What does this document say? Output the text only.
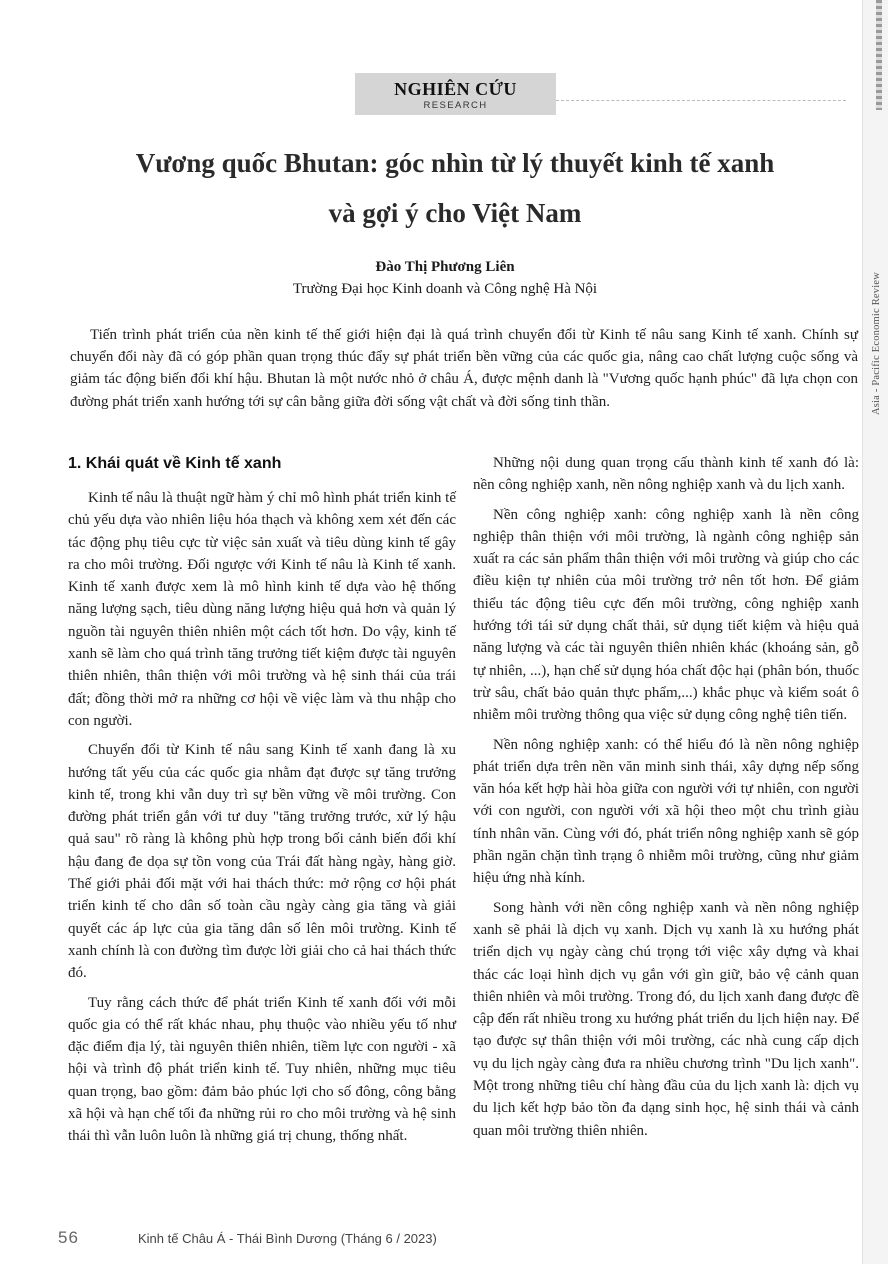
Asia - Pacific Economic Review
NGHIÊN CỨU
RESEARCH
Vương quốc Bhutan: góc nhìn từ lý thuyết kinh tế xanh
và gợi ý cho Việt Nam
Đào Thị Phương Liên
Trường Đại học Kinh doanh và Công nghệ Hà Nội
Tiến trình phát triển của nền kinh tế thế giới hiện đại là quá trình chuyển đổi từ Kinh tế nâu sang Kinh tế xanh. Chính sự chuyển đổi này đã có góp phần quan trọng thúc đẩy sự phát triển bền vững của các quốc gia, nâng cao chất lượng cuộc sống và giảm tác động biến đổi khí hậu. Bhutan là một nước nhỏ ở châu Á, được mệnh danh là "Vương quốc hạnh phúc" đã lựa chọn con đường phát triển xanh hướng tới sự cân bằng giữa đời sống vật chất và đời sống tinh thần.
1. Khái quát về Kinh tế xanh

Kinh tế nâu là thuật ngữ hàm ý chỉ mô hình phát triển kinh tế chủ yếu dựa vào nhiên liệu hóa thạch và không xem xét đến các tác động phụ tiêu cực từ việc sản xuất và tiêu dùng kinh tế gây ra cho môi trường. Đối ngược với Kinh tế nâu là Kinh tế xanh. Kinh tế xanh được xem là mô hình kinh tế dựa vào hệ thống năng lượng sạch, tiêu dùng năng lượng hiệu quả hơn và quản lý nguồn tài nguyên thiên nhiên một cách tốt hơn. Do vậy, kinh tế xanh sẽ làm cho quá trình tăng trưởng tiết kiệm được tài nguyên thiên nhiên, thân thiện với môi trường và hệ sinh thái của trái đất; đồng thời mở ra những cơ hội về việc làm và thu nhập cho con người.

Chuyển đổi từ Kinh tế nâu sang Kinh tế xanh đang là xu hướng tất yếu của các quốc gia nhằm đạt được sự tăng trưởng kinh tế, trong khi vẫn duy trì sự bền vững về môi trường. Con đường phát triển gắn với tư duy "tăng trưởng trước, xử lý hậu quả sau" rõ ràng là không phù hợp trong bối cảnh biến đổi khí hậu đang đe dọa sự tồn vong của Trái đất hàng ngày, hàng giờ. Thế giới phải đối mặt với hai thách thức: mở rộng cơ hội phát triển kinh tế cho dân số toàn cầu ngày càng gia tăng và giải quyết các áp lực của gia tăng dân số lên môi trường. Kinh tế xanh chính là con đường tìm được lời giải cho cả hai thách thức đó.

Tuy rằng cách thức để phát triển Kinh tế xanh đối với mỗi quốc gia có thể rất khác nhau, phụ thuộc vào nhiều yếu tố như đặc điểm địa lý, tài nguyên thiên nhiên, tiềm lực con người - xã hội và trình độ phát triển kinh tế. Tuy nhiên, những mục tiêu quan trọng, bao gồm: đảm bảo phúc lợi cho số đông, công bằng xã hội và hạn chế tối đa những rủi ro cho môi trường và hệ sinh thái thì vẫn luôn luôn là những giá trị chung, thống nhất.

Những nội dung quan trọng cấu thành kinh tế xanh đó là: nền công nghiệp xanh, nền nông nghiệp xanh và du lịch xanh.

Nền công nghiệp xanh: công nghiệp xanh là nền công nghiệp thân thiện với môi trường, là ngành công nghiệp sản xuất ra các sản phẩm thân thiện với môi trường và giúp cho các điều kiện tự nhiên của môi trường trở nên tốt hơn. Để giảm thiểu tác động tiêu cực đến môi trường, công nghiệp xanh hướng tới tái sử dụng chất thải, sử dụng tiết kiệm và hiệu quả năng lượng và các tài nguyên thiên nhiên khác (khoáng sản, gỗ tự nhiên, ...), hạn chế sử dụng hóa chất độc hại (phân bón, thuốc trừ sâu, chất bảo quản thực phẩm,...) khắc phục và kiểm soát ô nhiễm môi trường thông qua việc sử dụng công nghệ tiên tiến.

Nền nông nghiệp xanh: có thể hiểu đó là nền nông nghiệp phát triển dựa trên nền văn minh sinh thái, xây dựng nếp sống văn hóa kết hợp hài hòa giữa con người với tự nhiên, con người với con người, con người với xã hội theo một chu trình giàu tính nhân văn. Cùng với đó, phát triển nông nghiệp xanh sẽ góp phần ngăn chặn tình trạng ô nhiễm môi trường, cũng như giảm hiệu ứng nhà kính.

Song hành với nền công nghiệp xanh và nền nông nghiệp xanh sẽ phải là dịch vụ xanh. Dịch vụ xanh là xu hướng phát triển dịch vụ ngày càng chú trọng tới việc xây dựng và khai thác các loại hình dịch vụ gắn với gìn giữ, bảo vệ cảnh quan thiên nhiên và môi trường. Trong đó, du lịch xanh đang được đề cập đến rất nhiều trong xu hướng phát triển du lịch hiện nay. Để tạo được sự thân thiện với môi trường, các nhà cung cấp dịch vụ du lịch ngày càng đưa ra nhiều chương trình "Du lịch xanh". Một trong những tiêu chí hàng đầu của du lịch xanh là: dịch vụ du lịch kết hợp bảo tồn đa dạng sinh học, hệ sinh thái và cảnh quan môi trường thiên nhiên.

56	Kinh tế Châu Á - Thái Bình Dương (Tháng 6 / 2023)
